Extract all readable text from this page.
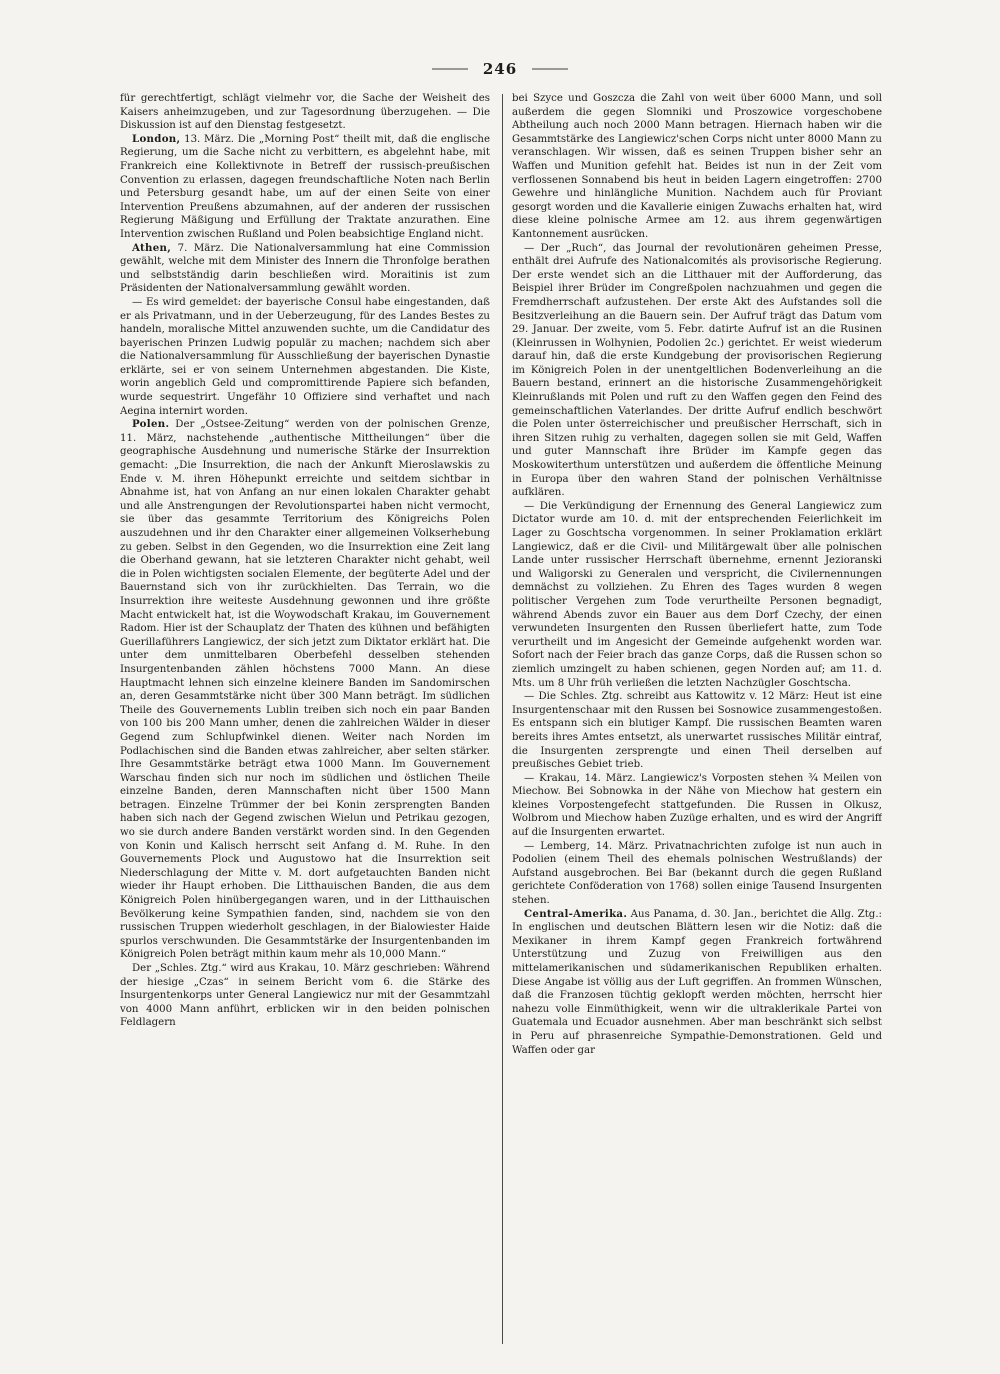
246

für gerechtfertigt, schlägt vielmehr vor, die Sache der Weisheit des Kaisers anheimzugeben, und zur Tagesordnung überzugehen. — Die Diskussion ist auf den Dienstag festgesetzt.

London, 13. März. Die „Morning Post“ theilt mit, daß die englische Regierung, um die Sache nicht zu verbittern, es abgelehnt habe, mit Frankreich eine Kollektivnote in Betreff der russisch-preußischen Convention zu erlassen, dagegen freundschaftliche Noten nach Berlin und Petersburg gesandt habe, um auf der einen Seite von einer Intervention Preußens abzumahnen, auf der anderen der russischen Regierung Mäßigung und Erfüllung der Traktate anzurathen. Eine Intervention zwischen Rußland und Polen beabsichtige England nicht.

Athen, 7. März. Die Nationalversammlung hat eine Commission gewählt, welche mit dem Minister des Innern die Thronfolge berathen und selbstständig darin beschließen wird. Moraitinis ist zum Präsidenten der Nationalversammlung gewählt worden.

— Es wird gemeldet: der bayerische Consul habe eingestanden, daß er als Privatmann, und in der Ueberzeugung, für des Landes Bestes zu handeln, moralische Mittel anzuwenden suchte, um die Candidatur des bayerischen Prinzen Ludwig populär zu machen; nachdem sich aber die Nationalversammlung für Ausschließung der bayerischen Dynastie erklärte, sei er von seinem Unternehmen abgestanden. Die Kiste, worin angeblich Geld und compromittirende Papiere sich befanden, wurde sequestrirt. Ungefähr 10 Offiziere sind verhaftet und nach Aegina internirt worden.

Polen. Der „Ostsee-Zeitung“ werden von der polnischen Grenze, 11. März, nachstehende „authentische Mittheilungen“ über die geographische Ausdehnung und numerische Stärke der Insurrektion gemacht: „Die Insurrektion, die nach der Ankunft Mieroslawskis zu Ende v. M. ihren Höhepunkt erreichte und seitdem sichtbar in Abnahme ist, hat von Anfang an nur einen lokalen Charakter gehabt und alle Anstrengungen der Revolutionspartei haben nicht vermocht, sie über das gesammte Territorium des Königreichs Polen auszudehnen und ihr den Charakter einer allgemeinen Volkserhebung zu geben. Selbst in den Gegenden, wo die Insurrektion eine Zeit lang die Oberhand gewann, hat sie letzteren Charakter nicht gehabt, weil die in Polen wichtigsten socialen Elemente, der begüterte Adel und der Bauernstand sich von ihr zurückhielten. Das Terrain, wo die Insurrektion ihre weiteste Ausdehnung gewonnen und ihre größte Macht entwickelt hat, ist die Woywodschaft Krakau, im Gouvernement Radom. Hier ist der Schauplatz der Thaten des kühnen und befähigten Guerillaführers Langiewicz, der sich jetzt zum Diktator erklärt hat. Die unter dem unmittelbaren Oberbefehl desselben stehenden Insurgentenbanden zählen höchstens 7000 Mann. An diese Hauptmacht lehnen sich einzelne kleinere Banden im Sandomirschen an, deren Gesammtstärke nicht über 300 Mann beträgt. Im südlichen Theile des Gouvernements Lublin treiben sich noch ein paar Banden von 100 bis 200 Mann umher, denen die zahlreichen Wälder in dieser Gegend zum Schlupfwinkel dienen. Weiter nach Norden im Podlachischen sind die Banden etwas zahlreicher, aber selten stärker. Ihre Gesammtstärke beträgt etwa 1000 Mann. Im Gouvernement Warschau finden sich nur noch im südlichen und östlichen Theile einzelne Banden, deren Mannschaften nicht über 1500 Mann betragen. Einzelne Trümmer der bei Konin zersprengten Banden haben sich nach der Gegend zwischen Wielun und Petrikau gezogen, wo sie durch andere Banden verstärkt worden sind. In den Gegenden von Konin und Kalisch herrscht seit Anfang d. M. Ruhe. In den Gouvernements Plock und Augustowo hat die Insurrektion seit Niederschlagung der Mitte v. M. dort aufgetauchten Banden nicht wieder ihr Haupt erhoben. Die Litthauischen Banden, die aus dem Königreich Polen hinübergegangen waren, und in der Litthauischen Bevölkerung keine Sympathien fanden, sind, nachdem sie von den russischen Truppen wiederholt geschlagen, in der Bialowiester Haide spurlos verschwunden. Die Gesammtstärke der Insurgentenbanden im Königreich Polen beträgt mithin kaum mehr als 10,000 Mann.“

Der „Schles. Ztg.“ wird aus Krakau, 10. März geschrieben: Während der hiesige „Czas“ in seinem Bericht vom 6. die Stärke des Insurgentenkorps unter General Langiewicz nur mit der Gesammtzahl von 4000 Mann anführt, erblicken wir in den beiden polnischen Feldlagern

bei Szyce und Goszcza die Zahl von weit über 6000 Mann, und soll außerdem die gegen Slomniki und Proszowice vorgeschobene Abtheilung auch noch 2000 Mann betragen. Hiernach haben wir die Gesammtstärke des Langiewicz'schen Corps nicht unter 8000 Mann zu veranschlagen. Wir wissen, daß es seinen Truppen bisher sehr an Waffen und Munition gefehlt hat. Beides ist nun in der Zeit vom verflossenen Sonnabend bis heut in beiden Lagern eingetroffen: 2700 Gewehre und hinlängliche Munition. Nachdem auch für Proviant gesorgt worden und die Kavallerie einigen Zuwachs erhalten hat, wird diese kleine polnische Armee am 12. aus ihrem gegenwärtigen Kantonnement ausrücken.

— Der „Ruch“, das Journal der revolutionären geheimen Presse, enthält drei Aufrufe des Nationalcomités als provisorische Regierung. Der erste wendet sich an die Litthauer mit der Aufforderung, das Beispiel ihrer Brüder im Congreßpolen nachzuahmen und gegen die Fremdherrschaft aufzustehen. Der erste Akt des Aufstandes soll die Besitzverleihung an die Bauern sein. Der Aufruf trägt das Datum vom 29. Januar. Der zweite, vom 5. Febr. datirte Aufruf ist an die Rusinen (Kleinrussen in Wolhynien, Podolien 2c.) gerichtet. Er weist wiederum darauf hin, daß die erste Kundgebung der provisorischen Regierung im Königreich Polen in der unentgeltlichen Bodenverleihung an die Bauern bestand, erinnert an die historische Zusammengehörigkeit Kleinrußlands mit Polen und ruft zu den Waffen gegen den Feind des gemeinschaftlichen Vaterlandes. Der dritte Aufruf endlich beschwört die Polen unter österreichischer und preußischer Herrschaft, sich in ihren Sitzen ruhig zu verhalten, dagegen sollen sie mit Geld, Waffen und guter Mannschaft ihre Brüder im Kampfe gegen das Moskowiterthum unterstützen und außerdem die öffentliche Meinung in Europa über den wahren Stand der polnischen Verhältnisse aufklären.

— Die Verkündigung der Ernennung des General Langiewicz zum Dictator wurde am 10. d. mit der entsprechenden Feierlichkeit im Lager zu Goschtscha vorgenommen. In seiner Proklamation erklärt Langiewicz, daß er die Civil- und Militärgewalt über alle polnischen Lande unter russischer Herrschaft übernehme, ernennt Jezioranski und Waligorski zu Generalen und verspricht, die Civilernennungen demnächst zu vollziehen. Zu Ehren des Tages wurden 8 wegen politischer Vergehen zum Tode verurtheilte Personen begnadigt, während Abends zuvor ein Bauer aus dem Dorf Czechy, der einen verwundeten Insurgenten den Russen überliefert hatte, zum Tode verurtheilt und im Angesicht der Gemeinde aufgehenkt worden war. Sofort nach der Feier brach das ganze Corps, daß die Russen schon so ziemlich umzingelt zu haben schienen, gegen Norden auf; am 11. d. Mts. um 8 Uhr früh verließen die letzten Nachzügler Goschtscha.

— Die Schles. Ztg. schreibt aus Kattowitz v. 12 März: Heut ist eine Insurgentenschaar mit den Russen bei Sosnowice zusammengestoßen. Es entspann sich ein blutiger Kampf. Die russischen Beamten waren bereits ihres Amtes entsetzt, als unerwartet russisches Militär eintraf, die Insurgenten zersprengte und einen Theil derselben auf preußisches Gebiet trieb.

— Krakau, 14. März. Langiewicz's Vorposten stehen ¾ Meilen von Miechow. Bei Sobnowka in der Nähe von Miechow hat gestern ein kleines Vorpostengefecht stattgefunden. Die Russen in Olkusz, Wolbrom und Miechow haben Zuzüge erhalten, und es wird der Angriff auf die Insurgenten erwartet.

— Lemberg, 14. März. Privatnachrichten zufolge ist nun auch in Podolien (einem Theil des ehemals polnischen Westrußlands) der Aufstand ausgebrochen. Bei Bar (bekannt durch die gegen Rußland gerichtete Conföderation von 1768) sollen einige Tausend Insurgenten stehen.

Central-Amerika. Aus Panama, d. 30. Jan., berichtet die Allg. Ztg.: In englischen und deutschen Blättern lesen wir die Notiz: daß die Mexikaner in ihrem Kampf gegen Frankreich fortwährend Unterstützung und Zuzug von Freiwilligen aus den mittelamerikanischen und südamerikanischen Republiken erhalten. Diese Angabe ist völlig aus der Luft gegriffen. An frommen Wünschen, daß die Franzosen tüchtig geklopft werden möchten, herrscht hier nahezu volle Einmüthigkeit, wenn wir die ultraklerikale Partei von Guatemala und Ecuador ausnehmen. Aber man beschränkt sich selbst in Peru auf phrasenreiche Sympathie-Demonstrationen. Geld und Waffen oder gar
